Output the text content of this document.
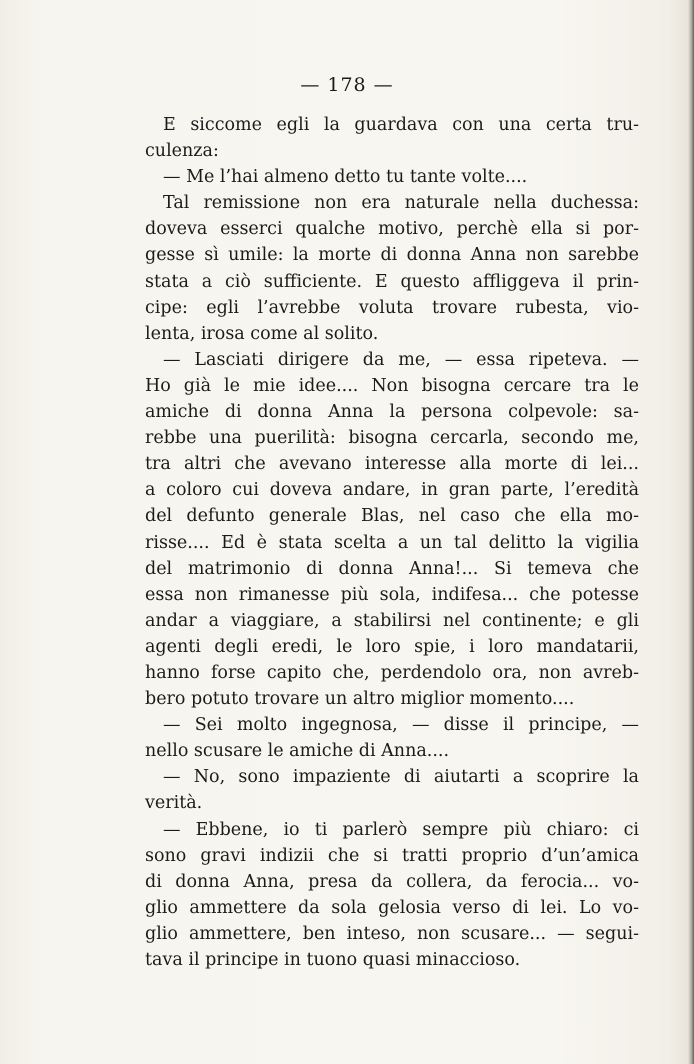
— 178 —
E siccome egli la guardava con una certa tru-
culenza:
— Me l’hai almeno detto tu tante volte....
Tal remissione non era naturale nella duchessa:
doveva esserci qualche motivo, perchè ella si por-
gesse sì umile: la morte di donna Anna non sarebbe
stata a ciò sufficiente. E questo affliggeva il prin-
cipe: egli l’avrebbe voluta trovare rubesta, vio-
lenta, irosa come al solito.
— Lasciati dirigere da me, — essa ripeteva. —
Ho già le mie idee.... Non bisogna cercare tra le
amiche di donna Anna la persona colpevole: sa-
rebbe una puerilità: bisogna cercarla, secondo me,
tra altri che avevano interesse alla morte di lei...
a coloro cui doveva andare, in gran parte, l’eredità
del defunto generale Blas, nel caso che ella mo-
risse.... Ed è stata scelta a un tal delitto la vigilia
del matrimonio di donna Anna!... Si temeva che
essa non rimanesse più sola, indifesa... che potesse
andar a viaggiare, a stabilirsi nel continente; e gli
agenti degli eredi, le loro spie, i loro mandatarii,
hanno forse capito che, perdendolo ora, non avreb-
bero potuto trovare un altro miglior momento....
— Sei molto ingegnosa, — disse il principe, —
nello scusare le amiche di Anna....
— No, sono impaziente di aiutarti a scoprire la
verità.
— Ebbene, io ti parlerò sempre più chiaro: ci
sono gravi indizii che si tratti proprio d’un’amica
di donna Anna, presa da collera, da ferocia... vo-
glio ammettere da sola gelosia verso di lei. Lo vo-
glio ammettere, ben inteso, non scusare... — segui-
tava il principe in tuono quasi minaccioso.
